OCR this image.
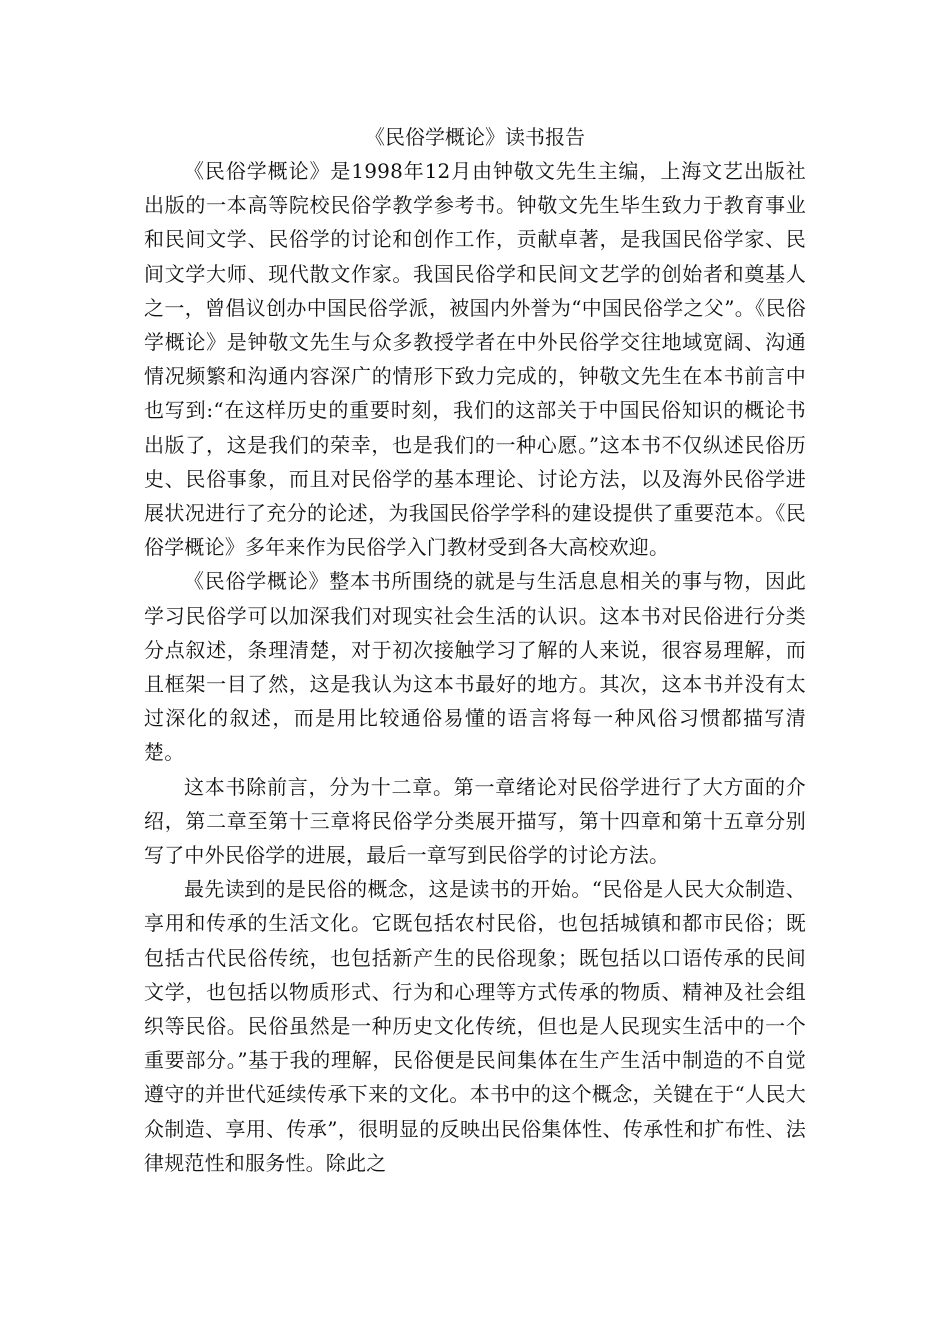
《民俗学概论》读书报告

《民俗学概论》是1998年12月由钟敬文先生主编，上海文艺出版社出版的一本高等院校民俗学教学参考书。钟敬文先生毕生致力于教育事业和民间文学、民俗学的讨论和创作工作，贡献卓著，是我国民俗学家、民间文学大师、现代散文作家。我国民俗学和民间文艺学的创始者和奠基人之一，曾倡议创办中国民俗学派，被国内外誉为“中国民俗学之父”。《民俗学概论》是钟敬文先生与众多教授学者在中外民俗学交往地域宽阔、沟通情况频繁和沟通内容深广的情形下致力完成的，钟敬文先生在本书前言中也写到:“在这样历史的重要时刻，我们的这部关于中国民俗知识的概论书出版了，这是我们的荣幸，也是我们的一种心愿。”这本书不仅纵述民俗历史、民俗事象，而且对民俗学的基本理论、讨论方法，以及海外民俗学进展状况进行了充分的论述，为我国民俗学学科的建设提供了重要范本。《民俗学概论》多年来作为民俗学入门教材受到各大高校欢迎。

《民俗学概论》整本书所围绕的就是与生活息息相关的事与物，因此学习民俗学可以加深我们对现实社会生活的认识。这本书对民俗进行分类分点叙述，条理清楚，对于初次接触学习了解的人来说，很容易理解，而且框架一目了然，这是我认为这本书最好的地方。其次，这本书并没有太过深化的叙述，而是用比较通俗易懂的语言将每一种风俗习惯都描写清楚。

这本书除前言，分为十二章。第一章绪论对民俗学进行了大方面的介绍，第二章至第十三章将民俗学分类展开描写，第十四章和第十五章分别写了中外民俗学的进展，最后一章写到民俗学的讨论方法。

最先读到的是民俗的概念，这是读书的开始。“民俗是人民大众制造、享用和传承的生活文化。它既包括农村民俗，也包括城镇和都市民俗；既包括古代民俗传统，也包括新产生的民俗现象；既包括以口语传承的民间文学，也包括以物质形式、行为和心理等方式传承的物质、精神及社会组织等民俗。民俗虽然是一种历史文化传统，但也是人民现实生活中的一个重要部分。”基于我的理解，民俗便是民间集体在生产生活中制造的不自觉遵守的并世代延续传承下来的文化。本书中的这个概念，关键在于“人民大众制造、享用、传承”，很明显的反映出民俗集体性、传承性和扩布性、法律规范性和服务性。除此之
